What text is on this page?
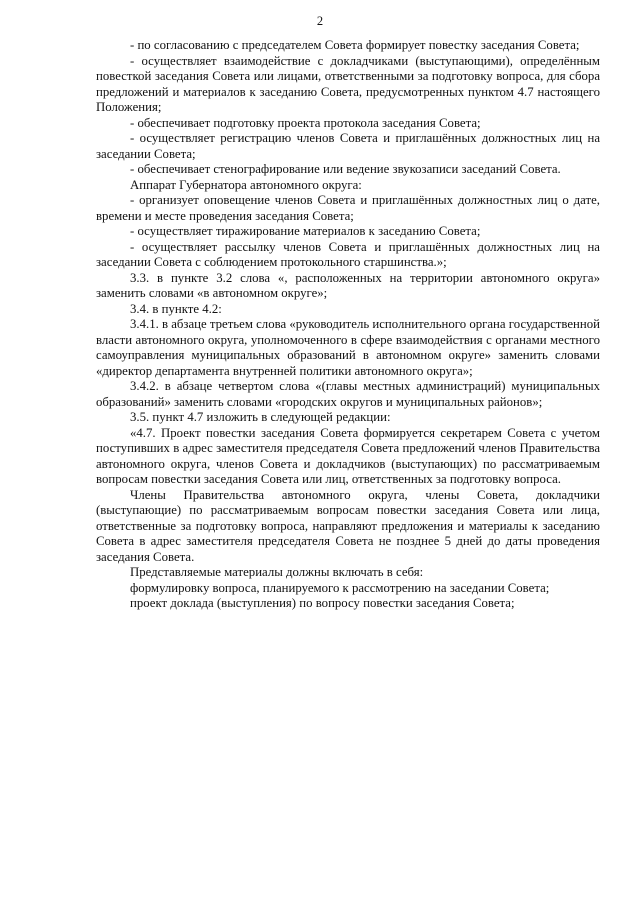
2

- по согласованию с председателем Совета формирует повестку заседания Совета;

- осуществляет взаимодействие с докладчиками (выступающими), определённым повесткой заседания Совета или лицами, ответственными за подготовку вопроса, для сбора предложений и материалов к заседанию Совета, предусмотренных пунктом 4.7 настоящего Положения;

- обеспечивает подготовку проекта протокола заседания Совета;

- осуществляет регистрацию членов Совета и приглашённых должностных лиц на заседании Совета;

- обеспечивает стенографирование или ведение звукозаписи заседаний Совета.

Аппарат Губернатора автономного округа:

- организует оповещение членов Совета и приглашённых должностных лиц о дате, времени и месте проведения заседания Совета;

- осуществляет тиражирование материалов к заседанию Совета;

- осуществляет рассылку членов Совета и приглашённых должностных лиц на заседании Совета с соблюдением протокольного старшинства.»;

3.3. в пункте 3.2 слова «, расположенных на территории автономного округа» заменить словами «в автономном округе»;

3.4. в пункте 4.2:

3.4.1. в абзаце третьем слова «руководитель исполнительного органа государственной власти автономного округа, уполномоченного в сфере взаимодействия с органами местного самоуправления муниципальных образований в автономном округе» заменить словами «директор департамента внутренней политики автономного округа»;

3.4.2. в абзаце четвертом слова «(главы местных администраций) муниципальных образований» заменить словами «городских округов и муниципальных районов»;

3.5. пункт 4.7 изложить в следующей редакции:

«4.7. Проект повестки заседания Совета формируется секретарем Совета с учетом поступивших в адрес заместителя председателя Совета предложений членов Правительства автономного округа, членов Совета и докладчиков (выступающих) по рассматриваемым вопросам повестки заседания Совета или лиц, ответственных за подготовку вопроса.

Члены Правительства автономного округа, члены Совета, докладчики (выступающие) по рассматриваемым вопросам повестки заседания Совета или лица, ответственные за подготовку вопроса, направляют предложения и материалы к заседанию Совета в адрес заместителя председателя Совета не позднее 5 дней до даты проведения заседания Совета.

Представляемые материалы должны включать в себя:

формулировку вопроса, планируемого к рассмотрению на заседании Совета;

проект доклада (выступления) по вопросу повестки заседания Совета;
